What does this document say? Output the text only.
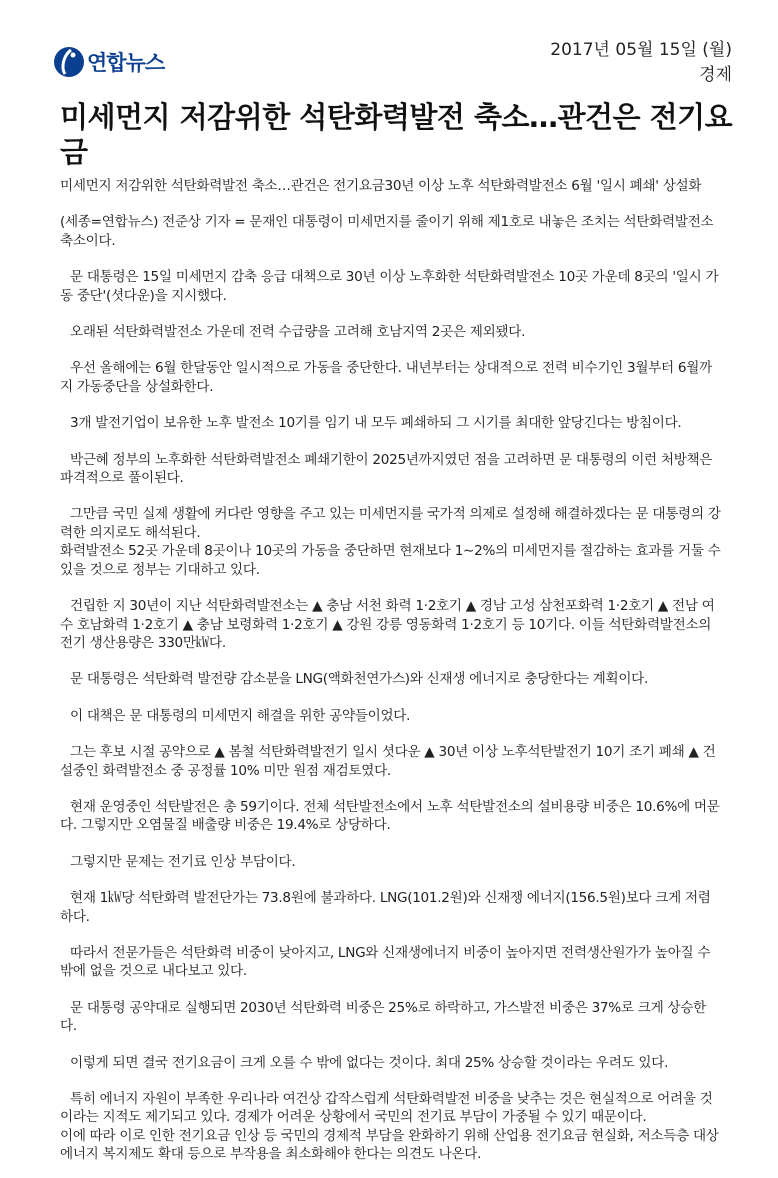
연합뉴스
2017년 05월 15일 (월)
경제
미세먼지 저감위한 석탄화력발전 축소…관건은 전기요금

미세먼지 저감위한 석탄화력발전 축소…관건은 전기요금30년 이상 노후 석탄화력발전소 6월 '일시 폐쇄' 상설화

(세종=연합뉴스) 전준상 기자 = 문재인 대통령이 미세먼지를 줄이기 위해 제1호로 내놓은 조치는 석탄화력발전소 축소이다.

문 대통령은 15일 미세먼지 감축 응급 대책으로 30년 이상 노후화한 석탄화력발전소 10곳 가운데 8곳의 '일시 가동 중단'(셧다운)을 지시했다.

오래된 석탄화력발전소 가운데 전력 수급량을 고려해 호남지역 2곳은 제외됐다.

우선 올해에는 6월 한달동안 일시적으로 가동을 중단한다. 내년부터는 상대적으로 전력 비수기인 3월부터 6월까지 가동중단을 상설화한다.

3개 발전기업이 보유한 노후 발전소 10기를 임기 내 모두 폐쇄하되 그 시기를 최대한 앞당긴다는 방침이다.

박근혜 정부의 노후화한 석탄화력발전소 폐쇄기한이 2025년까지였던 점을 고려하면 문 대통령의 이런 처방책은 파격적으로 풀이된다.

그만큼 국민 실제 생활에 커다란 영향을 주고 있는 미세먼지를 국가적 의제로 설정해 해결하겠다는 문 대통령의 강력한 의지로도 해석된다.

화력발전소 52곳 가운데 8곳이나 10곳의 가동을 중단하면 현재보다 1∼2%의 미세먼지를 절감하는 효과를 거둘 수 있을 것으로 정부는 기대하고 있다.

건립한 지 30년이 지난 석탄화력발전소는 ▲ 충남 서천 화력 1·2호기 ▲ 경남 고성 삼천포화력 1·2호기 ▲ 전남 여수 호남화력 1·2호기 ▲ 충남 보령화력 1·2호기 ▲ 강원 강릉 영동화력 1·2호기 등 10기다. 이들 석탄화력발전소의 전기 생산용량은 330만㎾다.

문 대통령은 석탄화력 발전량 감소분을 LNG(액화천연가스)와 신재생 에너지로 충당한다는 계획이다.

이 대책은 문 대통령의 미세먼지 해결을 위한 공약들이었다.

그는 후보 시절 공약으로 ▲ 봄철 석탄화력발전기 일시 셧다운 ▲ 30년 이상 노후석탄발전기 10기 조기 폐쇄 ▲ 건설중인 화력발전소 중 공정률 10% 미만 원점 재검토였다.

현재 운영중인 석탄발전은 총 59기이다. 전체 석탄발전소에서 노후 석탄발전소의 설비용량 비중은 10.6%에 머문다. 그렇지만 오염물질 배출량 비중은 19.4%로 상당하다.

그렇지만 문제는 전기료 인상 부담이다.

현재 1㎾당 석탄화력 발전단가는 73.8원에 불과하다. LNG(101.2원)와 신재쟁 에너지(156.5원)보다 크게 저렴하다.

따라서 전문가들은 석탄화력 비중이 낮아지고, LNG와 신재생에너지 비중이 높아지면 전력생산원가가 높아질 수 밖에 없을 것으로 내다보고 있다.

문 대통령 공약대로 실행되면 2030년 석탄화력 비중은 25%로 하락하고, 가스발전 비중은 37%로 크게 상승한다.

이렇게 되면 결국 전기요금이 크게 오를 수 밖에 없다는 것이다. 최대 25% 상승할 것이라는 우려도 있다.

특히 에너지 자원이 부족한 우리나라 여건상 갑작스럽게 석탄화력발전 비중을 낮추는 것은 현실적으로 어려울 것이라는 지적도 제기되고 있다. 경제가 어려운 상황에서 국민의 전기료 부담이 가중될 수 있기 때문이다.

이에 따라 이로 인한 전기요금 인상 등 국민의 경제적 부담을 완화하기 위해 산업용 전기요금 현실화, 저소득층 대상 에너지 복지제도 확대 등으로 부작용을 최소화해야 한다는 의견도 나온다.
